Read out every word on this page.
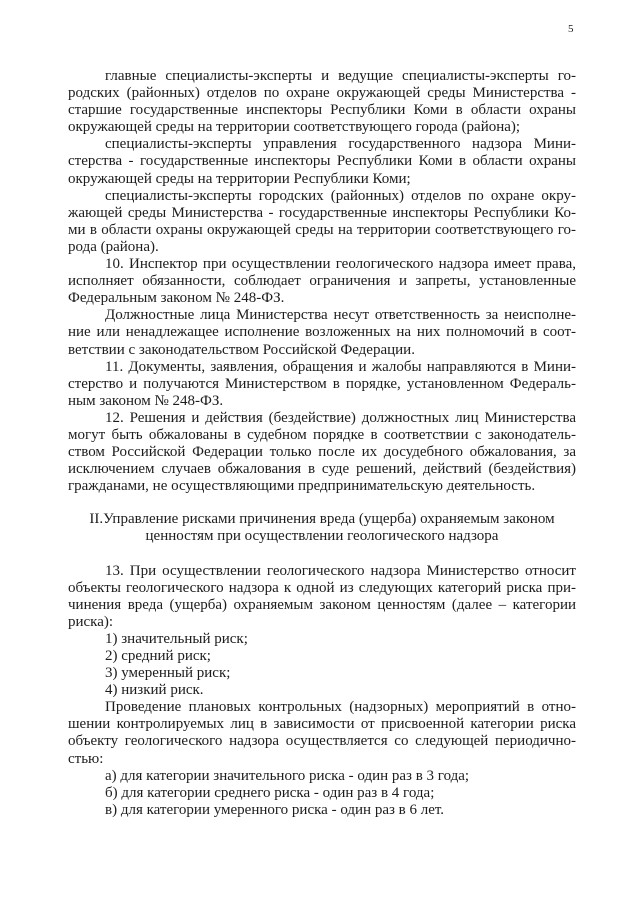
5
главные специалисты-эксперты и ведущие специалисты-эксперты го-
родских (районных) отделов по охране окружающей среды Министерства -
старшие государственные инспекторы Республики Коми в области охраны
окружающей среды на территории соответствующего города (района);
специалисты-эксперты управления государственного надзора Мини-
стерства - государственные инспекторы Республики Коми в области охраны
окружающей среды на территории Республики Коми;
специалисты-эксперты городских (районных) отделов по охране окру-
жающей среды Министерства - государственные инспекторы Республики Ко-
ми в области охраны окружающей среды на территории соответствующего го-
рода (района).
10. Инспектор при осуществлении геологического надзора имеет права,
исполняет обязанности, соблюдает ограничения и запреты, установленные
Федеральным законом № 248-ФЗ.
Должностные лица Министерства несут ответственность за неисполне-
ние или ненадлежащее исполнение возложенных на них полномочий в соот-
ветствии с законодательством Российской Федерации.
11. Документы, заявления, обращения и жалобы направляются в Мини-
стерство и получаются Министерством в порядке, установленном Федераль-
ным законом № 248-ФЗ.
12. Решения и действия (бездействие) должностных лиц Министерства
могут быть обжалованы в судебном порядке в соответствии с законодатель-
ством Российской Федерации только после их досудебного обжалования, за
исключением случаев обжалования в суде решений, действий (бездействия)
гражданами, не осуществляющими предпринимательскую деятельность.
II.Управление рисками причинения вреда (ущерба) охраняемым законом
ценностям при осуществлении геологического надзора
13. При осуществлении геологического надзора Министерство относит
объекты геологического надзора к одной из следующих категорий риска при-
чинения вреда (ущерба) охраняемым законом ценностям (далее – категории
риска):
1) значительный риск;
2) средний риск;
3) умеренный риск;
4) низкий риск.
Проведение плановых контрольных (надзорных) мероприятий в отно-
шении контролируемых лиц в зависимости от присвоенной категории риска
объекту геологического надзора осуществляется со следующей периодично-
стью:
а) для категории значительного риска - один раз в 3 года;
б) для категории среднего риска - один раз в 4 года;
в) для категории умеренного риска - один раз в 6 лет.
